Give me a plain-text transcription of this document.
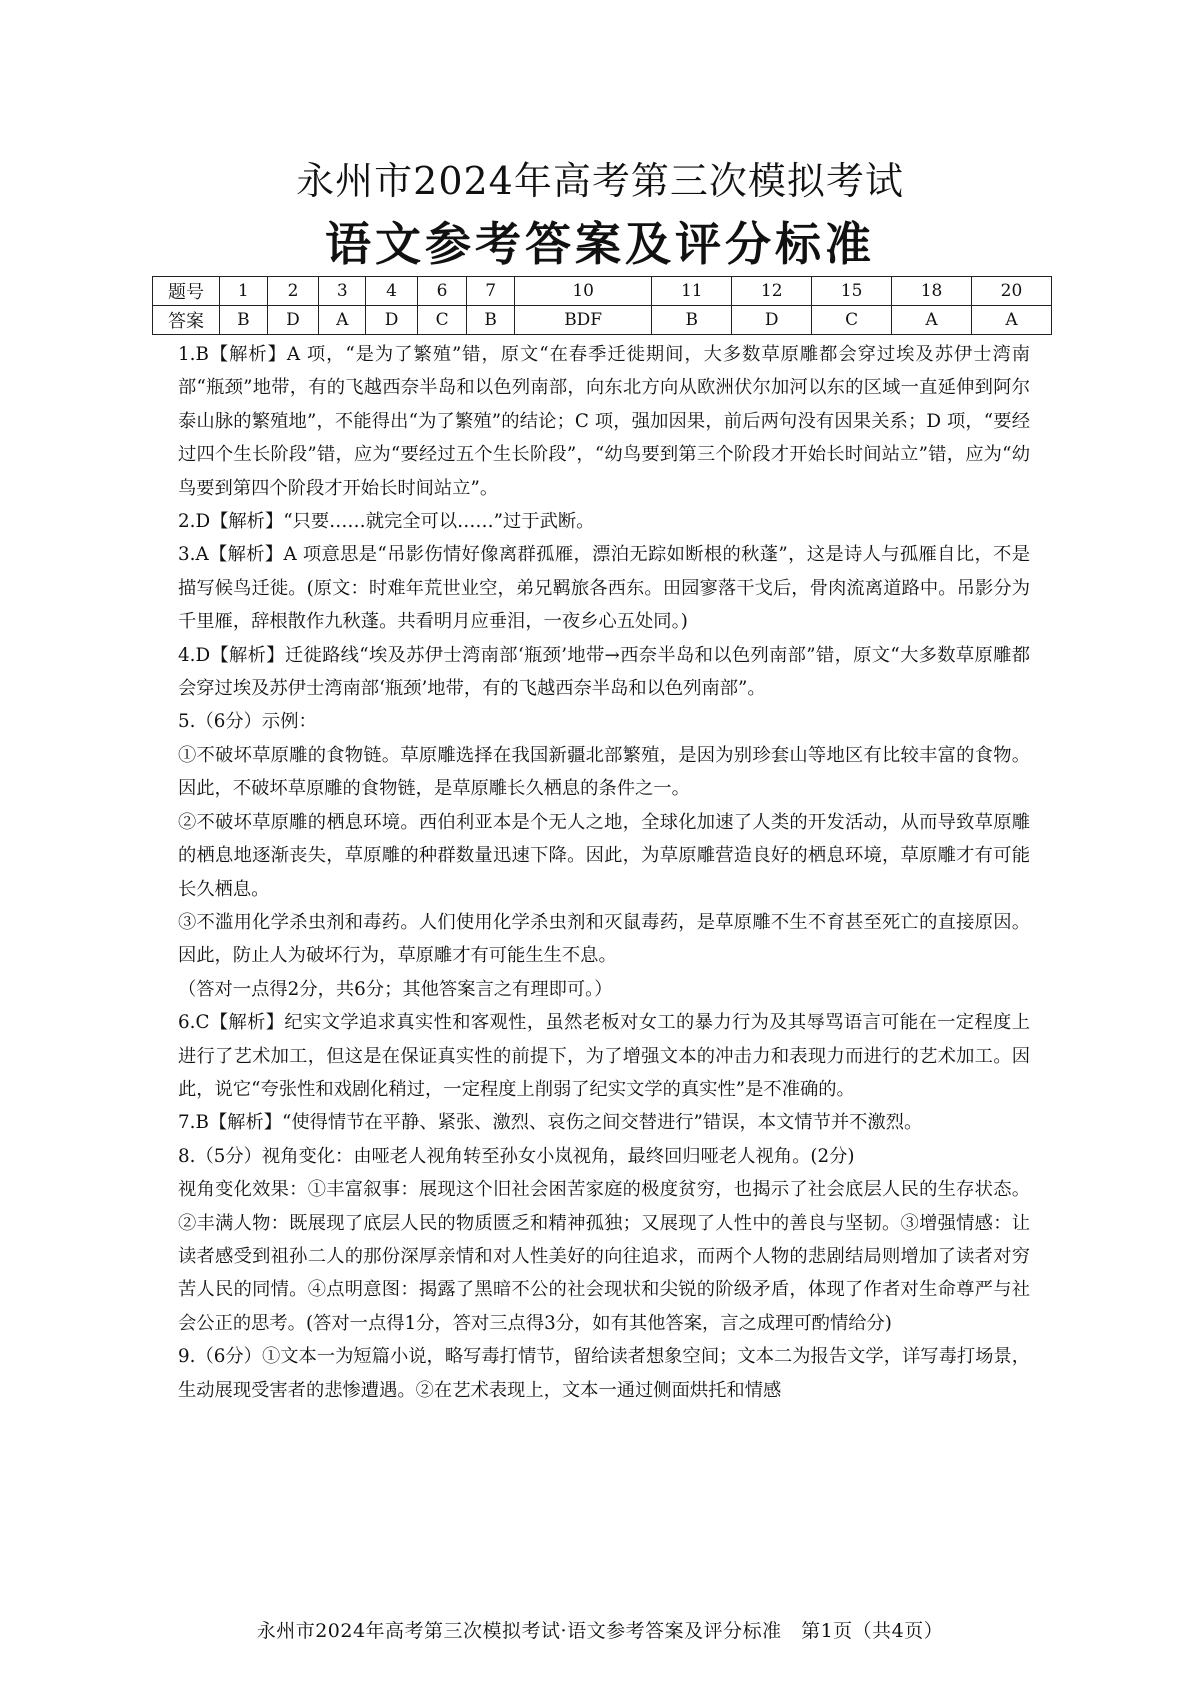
永州市2024年高考第三次模拟考试
语文参考答案及评分标准
题号	1	2	3	4	6	7	10	11	12	15	18	20
答案	B	D	A	D	C	B	BDF	B	D	C	A	A

1.B【解析】A 项，“是为了繁殖”错，原文“在春季迁徙期间，大多数草原雕都会穿过埃及苏伊士湾南部“瓶颈”地带，有的飞越西奈半岛和以色列南部，向东北方向从欧洲伏尔加河以东的区域一直延伸到阿尔泰山脉的繁殖地”，不能得出“为了繁殖”的结论；C 项，强加因果，前后两句没有因果关系；D 项，“要经过四个生长阶段”错，应为“要经过五个生长阶段”，“幼鸟要到第三个阶段才开始长时间站立”错，应为“幼鸟要到第四个阶段才开始长时间站立”。

2.D【解析】“只要……就完全可以……”过于武断。

3.A【解析】A 项意思是“吊影伤情好像离群孤雁，漂泊无踪如断根的秋蓬”，这是诗人与孤雁自比，不是描写候鸟迁徙。(原文：时难年荒世业空，弟兄羁旅各西东。田园寥落干戈后，骨肉流离道路中。吊影分为千里雁，辞根散作九秋蓬。共看明月应垂泪，一夜乡心五处同。)

4.D【解析】迁徙路线“埃及苏伊士湾南部‘瓶颈’地带→西奈半岛和以色列南部”错，原文“大多数草原雕都会穿过埃及苏伊士湾南部‘瓶颈’地带，有的飞越西奈半岛和以色列南部”。

5.（6分）示例：

①不破坏草原雕的食物链。草原雕选择在我国新疆北部繁殖，是因为别珍套山等地区有比较丰富的食物。因此，不破坏草原雕的食物链，是草原雕长久栖息的条件之一。

②不破坏草原雕的栖息环境。西伯利亚本是个无人之地，全球化加速了人类的开发活动，从而导致草原雕的栖息地逐渐丧失，草原雕的种群数量迅速下降。因此，为草原雕营造良好的栖息环境，草原雕才有可能长久栖息。

③不滥用化学杀虫剂和毒药。人们使用化学杀虫剂和灭鼠毒药，是草原雕不生不育甚至死亡的直接原因。因此，防止人为破坏行为，草原雕才有可能生生不息。

（答对一点得2分，共6分；其他答案言之有理即可。）

6.C【解析】纪实文学追求真实性和客观性，虽然老板对女工的暴力行为及其辱骂语言可能在一定程度上进行了艺术加工，但这是在保证真实性的前提下，为了增强文本的冲击力和表现力而进行的艺术加工。因此，说它“夸张性和戏剧化稍过，一定程度上削弱了纪实文学的真实性”是不准确的。

7.B【解析】“使得情节在平静、紧张、激烈、哀伤之间交替进行”错误，本文情节并不激烈。

8.（5分）视角变化：由哑老人视角转至孙女小岚视角，最终回归哑老人视角。(2分)

视角变化效果：①丰富叙事：展现这个旧社会困苦家庭的极度贫穷，也揭示了社会底层人民的生存状态。②丰满人物：既展现了底层人民的物质匮乏和精神孤独；又展现了人性中的善良与坚韧。③增强情感：让读者感受到祖孙二人的那份深厚亲情和对人性美好的向往追求，而两个人物的悲剧结局则增加了读者对穷苦人民的同情。④点明意图：揭露了黑暗不公的社会现状和尖锐的阶级矛盾，体现了作者对生命尊严与社会公正的思考。(答对一点得1分，答对三点得3分，如有其他答案，言之成理可酌情给分)

9.（6分）①文本一为短篇小说，略写毒打情节，留给读者想象空间；文本二为报告文学，详写毒打场景，生动展现受害者的悲惨遭遇。②在艺术表现上，文本一通过侧面烘托和情感

永州市2024年高考第三次模拟考试·语文参考答案及评分标准　第1页（共4页）
